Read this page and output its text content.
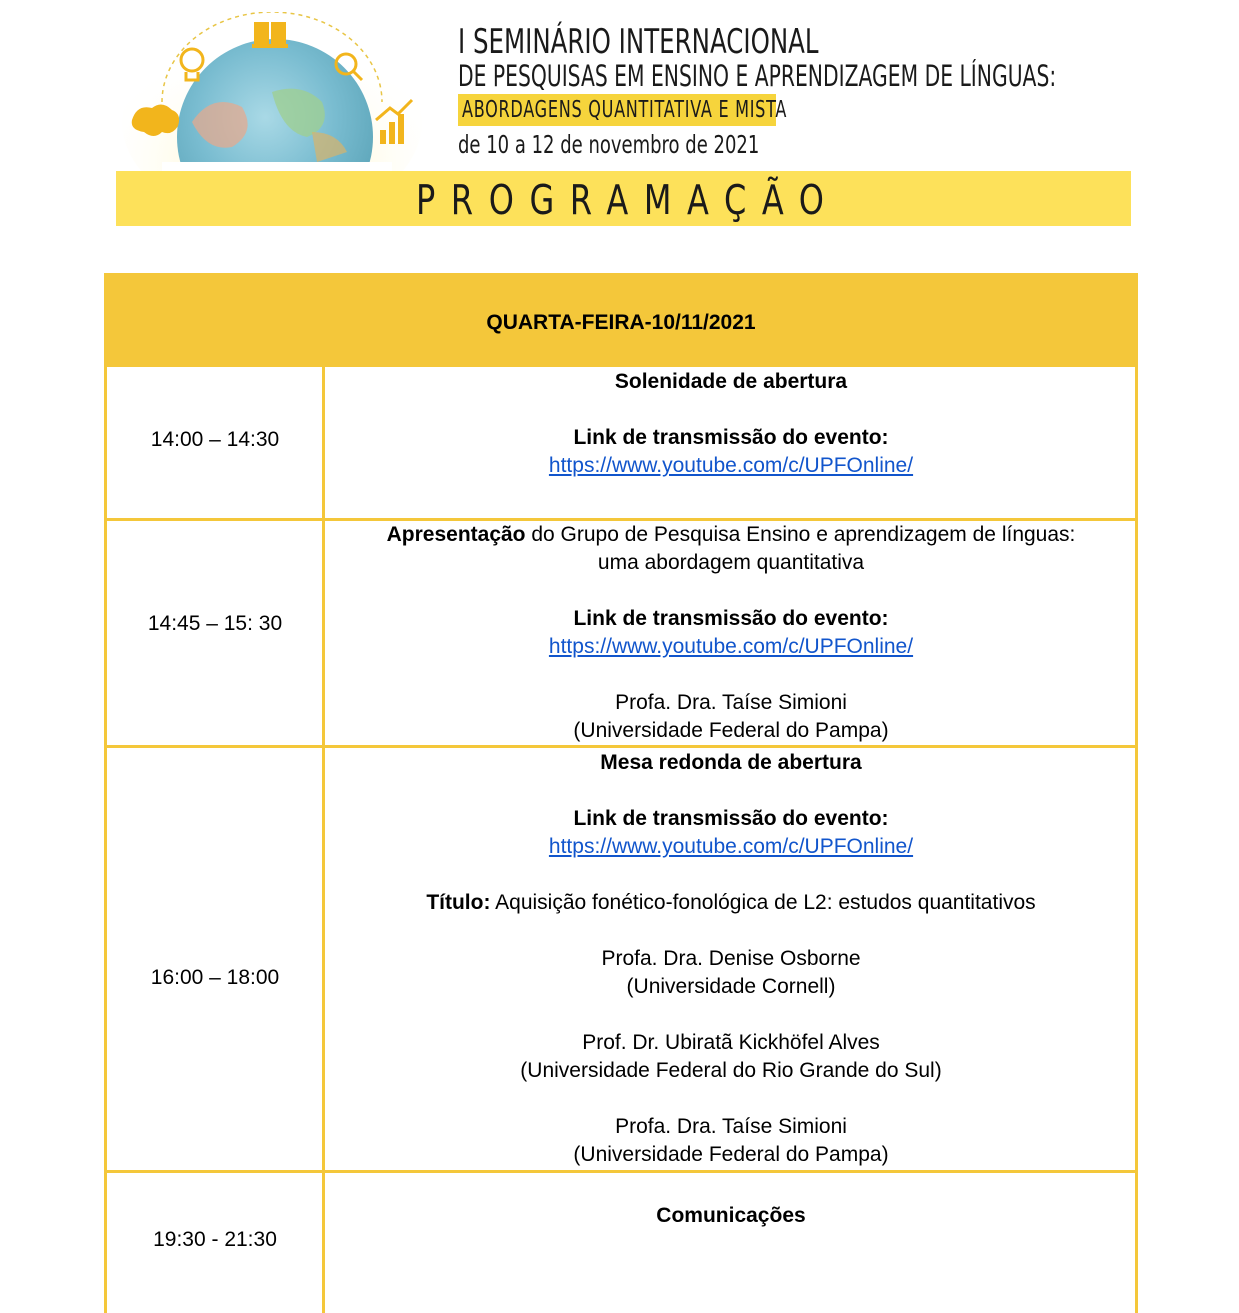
I SEMINÁRIO INTERNACIONAL
DE PESQUISAS EM ENSINO E APRENDIZAGEM DE LÍNGUAS:
ABORDAGENS QUANTITATIVA E MISTA
de 10 a 12 de novembro de 2021
PROGRAMAÇÃO
QUARTA-FEIRA-10/11/2021
14:00 – 14:30

Solenidade de abertura

Link de transmissão do evento:

https://www.youtube.com/c/UPFOnline/

14:45 – 15: 30

Apresentação do Grupo de Pesquisa Ensino e aprendizagem de línguas:

uma abordagem quantitativa

Link de transmissão do evento:

https://www.youtube.com/c/UPFOnline/

Profa. Dra. Taíse Simioni

(Universidade Federal do Pampa)

16:00 – 18:00

Mesa redonda de abertura

Link de transmissão do evento:

https://www.youtube.com/c/UPFOnline/

Título: Aquisição fonético-fonológica de L2: estudos quantitativos

Profa. Dra. Denise Osborne

(Universidade Cornell)

Prof. Dr. Ubiratã Kickhöfel Alves

(Universidade Federal do Rio Grande do Sul)

Profa. Dra. Taíse Simioni

(Universidade Federal do Pampa)

19:30 - 21:30

Comunicações
